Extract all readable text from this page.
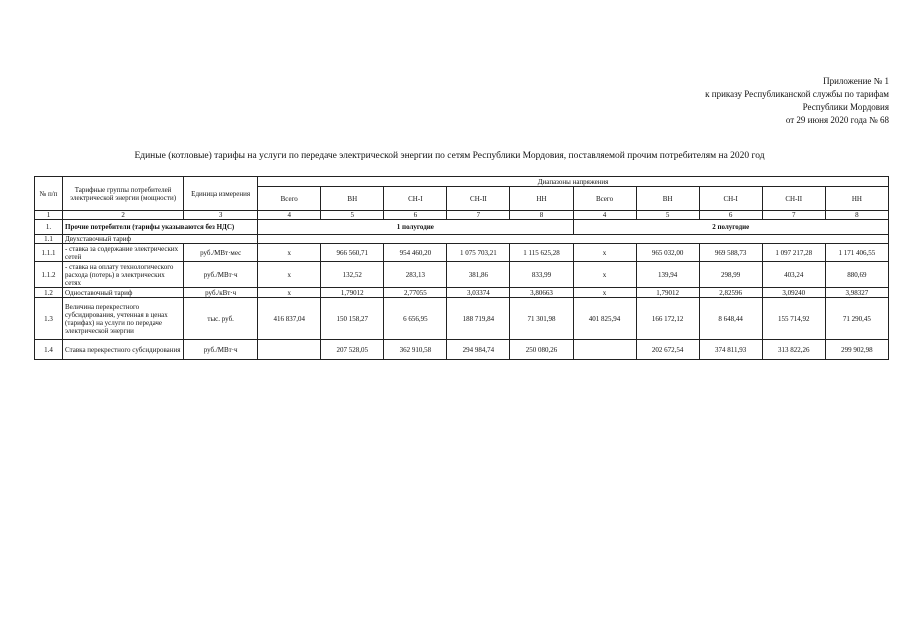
Приложение № 1
к приказу Республиканской службы по тарифам
Республики Мордовия
от 29 июня 2020 года № 68
Единые (котловые) тарифы на услуги по передаче электрической энергии по сетям Республики Мордовия, поставляемой прочим потребителям на 2020 год
№ п/п	Тарифные группы потребителей электрической энергии (мощности)	Единица измерения	Диапазоны напряжения									
			Всего	ВН	СН-I	СН-II	НН	Всего	ВН	СН-I	СН-II	НН
1	2	3	4	5	6	7	8	4	5	6	7	8
1.	Прочие потребители (тарифы указываются без НДС)		1 полугодие					2 полугодие				
1.1	Двухставочный тариф											
1.1.1	- ставка за содержание электрических сетей	руб./МВт·мес	х	966 560,71	954 460,20	1 075 703,21	1 115 625,28	х	965 032,00	969 588,73	1 097 217,28	1 171 406,55
1.1.2	- ставка на оплату технологического расхода (потерь) в электрических сетях	руб./МВт·ч	х	132,52	283,13	381,86	833,99	х	139,94	298,99	403,24	880,69
1.2	Одноставочный тариф	руб./кВт·ч	х	1,79012	2,77055	3,03374	3,80663	х	1,79012	2,82596	3,09240	3,98327
1.3	Величина перекрестного субсидирования, учтенная в ценах (тарифах) на услуги по передаче электрической энергии	тыс. руб.	416 837,04	150 158,27	6 656,95	188 719,84	71 301,98	401 825,94	166 172,12	8 648,44	155 714,92	71 290,45
1.4	Ставка перекрестного субсидирования	руб./МВт·ч		207 528,05	362 910,58	294 984,74	250 080,26		202 672,54	374 811,93	313 822,26	299 902,98
